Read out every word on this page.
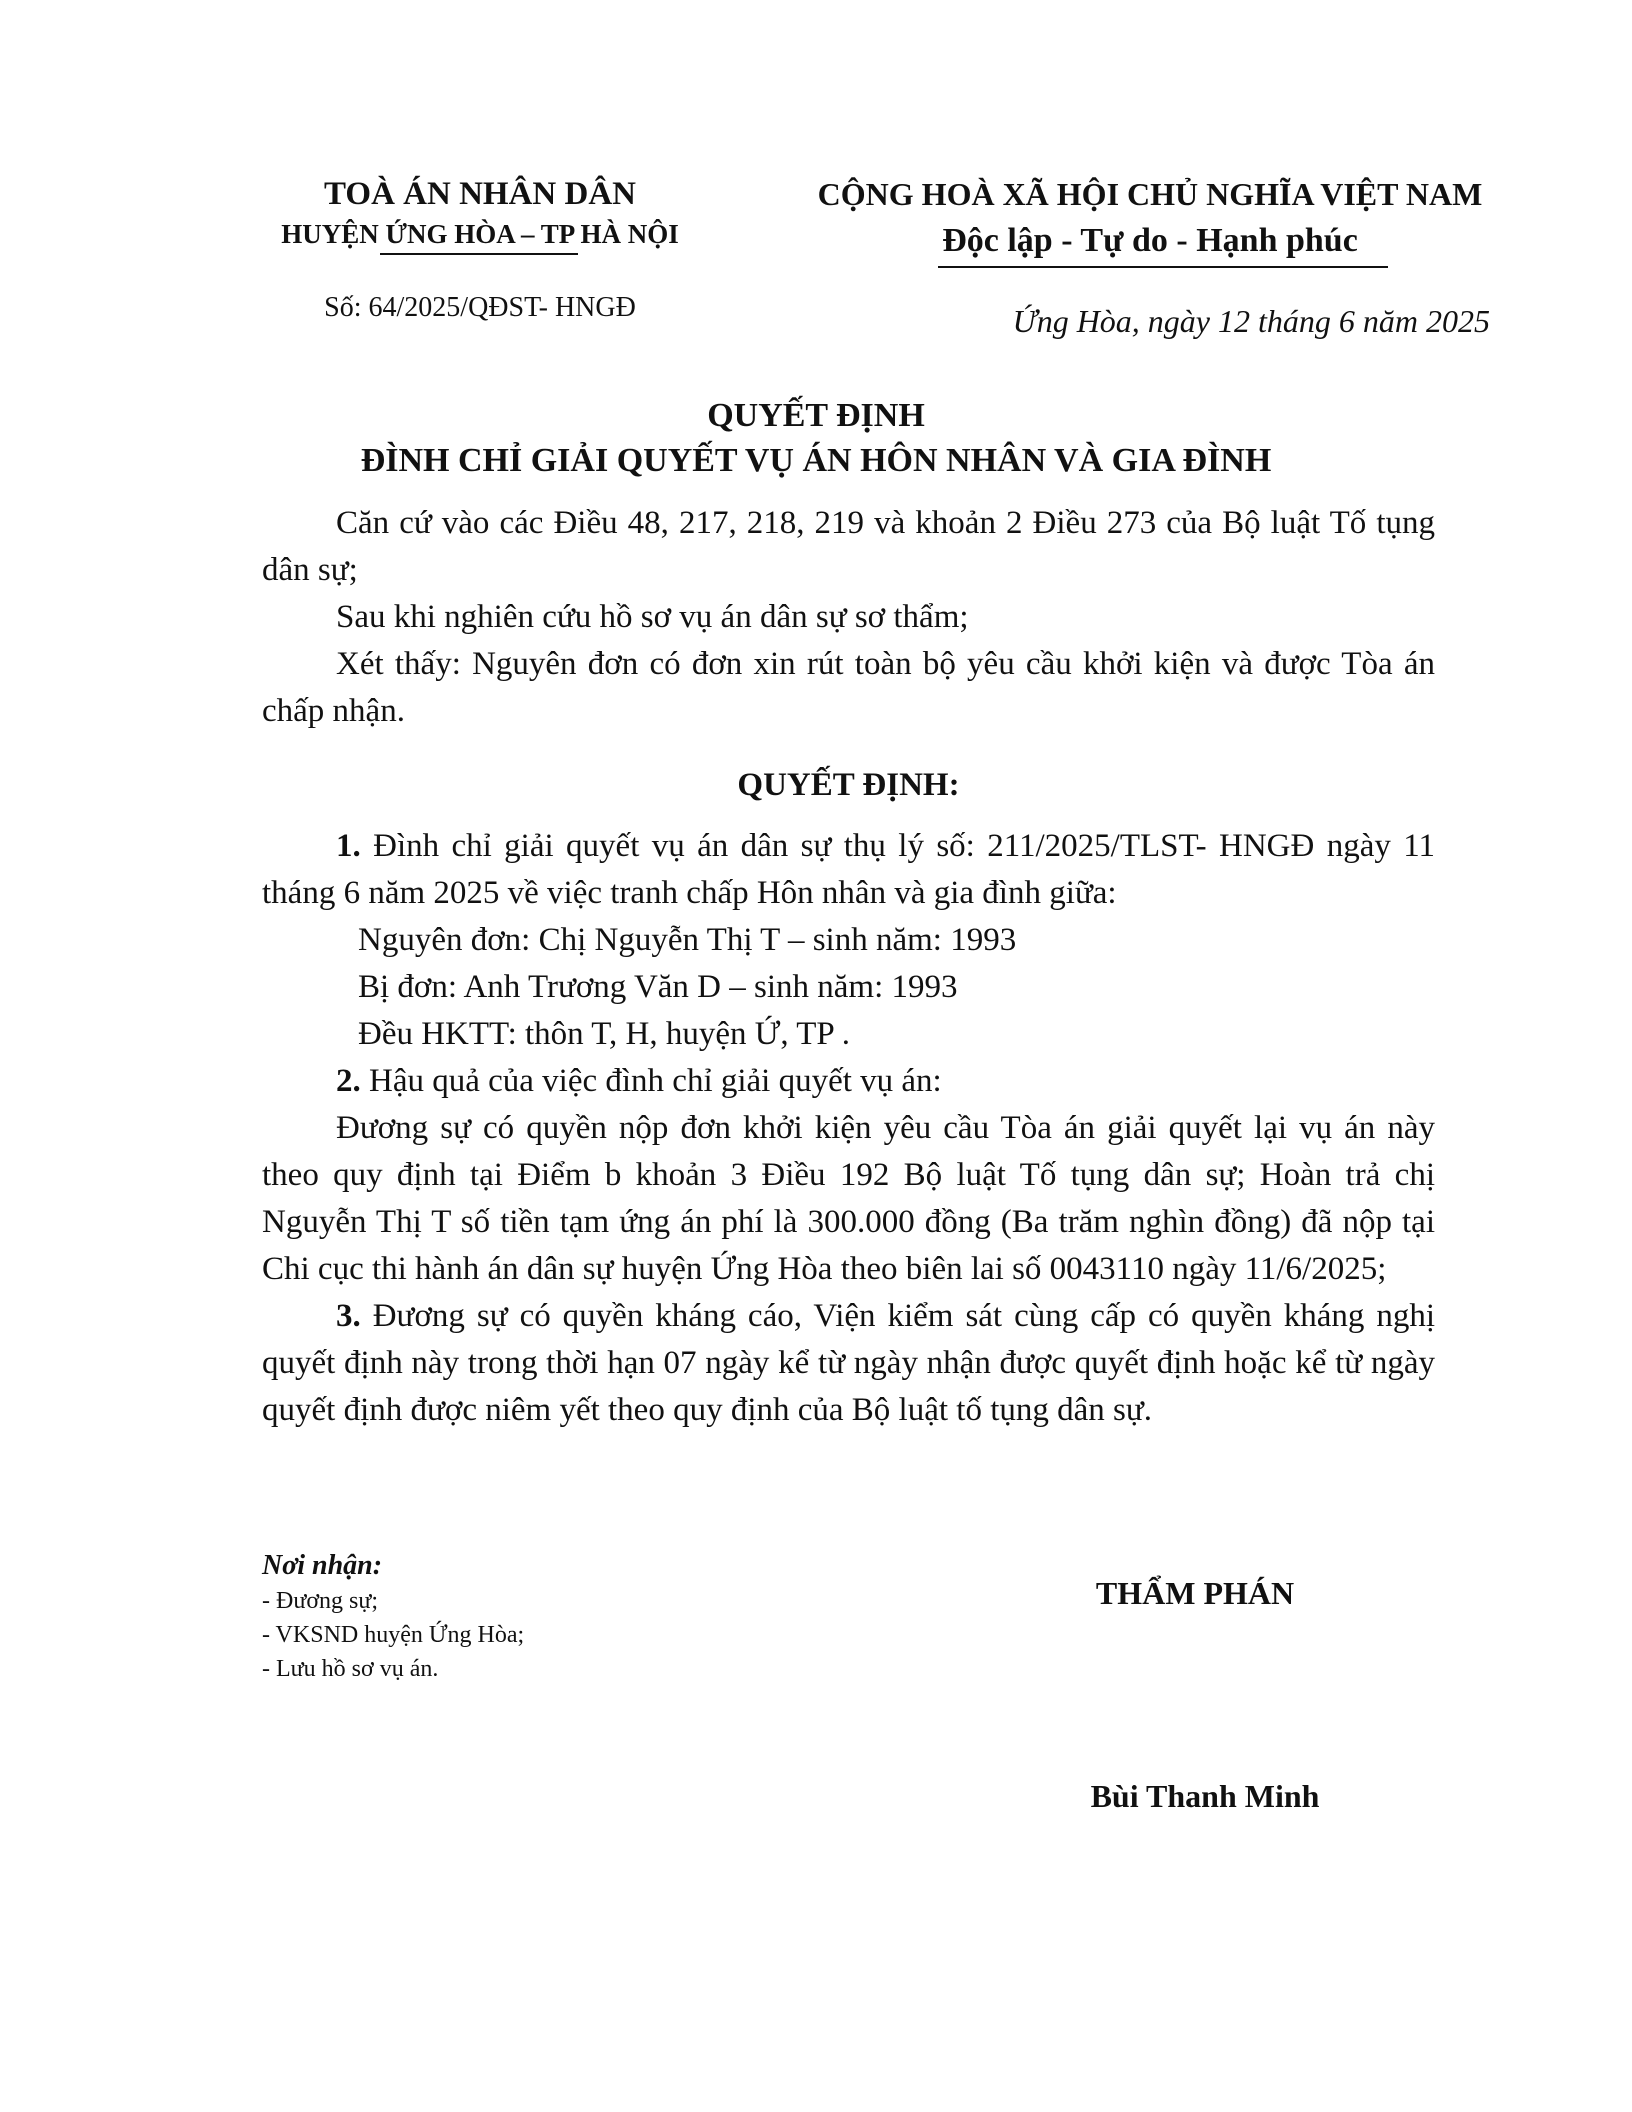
TOÀ ÁN NHÂN DÂN
HUYỆN ỨNG HÒA – TP HÀ NỘI
CỘNG HOÀ XÃ HỘI CHỦ NGHĨA VIỆT NAM
Độc lập - Tự do - Hạnh phúc
Số: 64/2025/QĐST- HNGĐ	Ứng Hòa, ngày 12 tháng 6 năm 2025
QUYẾT ĐỊNH
ĐÌNH CHỈ GIẢI QUYẾT VỤ ÁN HÔN NHÂN VÀ GIA ĐÌNH

Căn cứ vào các Điều 48, 217, 218, 219 và khoản 2 Điều 273 của Bộ luật Tố tụng dân sự;

Sau khi nghiên cứu hồ sơ vụ án dân sự sơ thẩm;

Xét thấy: Nguyên đơn có đơn xin rút toàn bộ yêu cầu khởi kiện và được Tòa án chấp nhận.

QUYẾT ĐỊNH:

1. Đình chỉ giải quyết vụ án dân sự thụ lý số: 211/2025/TLST- HNGĐ ngày 11 tháng 6 năm 2025 về việc tranh chấp Hôn nhân và gia đình giữa:

Nguyên đơn: Chị Nguyễn Thị T – sinh năm: 1993

Bị đơn: Anh Trương Văn D – sinh năm: 1993

Đều HKTT: thôn T, H, huyện Ứ, TP .

2. Hậu quả của việc đình chỉ giải quyết vụ án:

Đương sự có quyền nộp đơn khởi kiện yêu cầu Tòa án giải quyết lại vụ án này theo quy định tại Điểm b khoản 3 Điều 192 Bộ luật Tố tụng dân sự; Hoàn trả chị Nguyễn Thị T số tiền tạm ứng án phí là 300.000 đồng (Ba trăm nghìn đồng) đã nộp tại Chi cục thi hành án dân sự huyện Ứng Hòa theo biên lai số 0043110 ngày 11/6/2025;

3. Đương sự có quyền kháng cáo, Viện kiểm sát cùng cấp có quyền kháng nghị quyết định này trong thời hạn 07 ngày kể từ ngày nhận được quyết định hoặc kể từ ngày quyết định được niêm yết theo quy định của Bộ luật tố tụng dân sự.

Nơi nhận:
- Đương sự;
- VKSND huyện Ứng Hòa;
- Lưu hồ sơ vụ án.
THẨM PHÁN
Bùi Thanh Minh
